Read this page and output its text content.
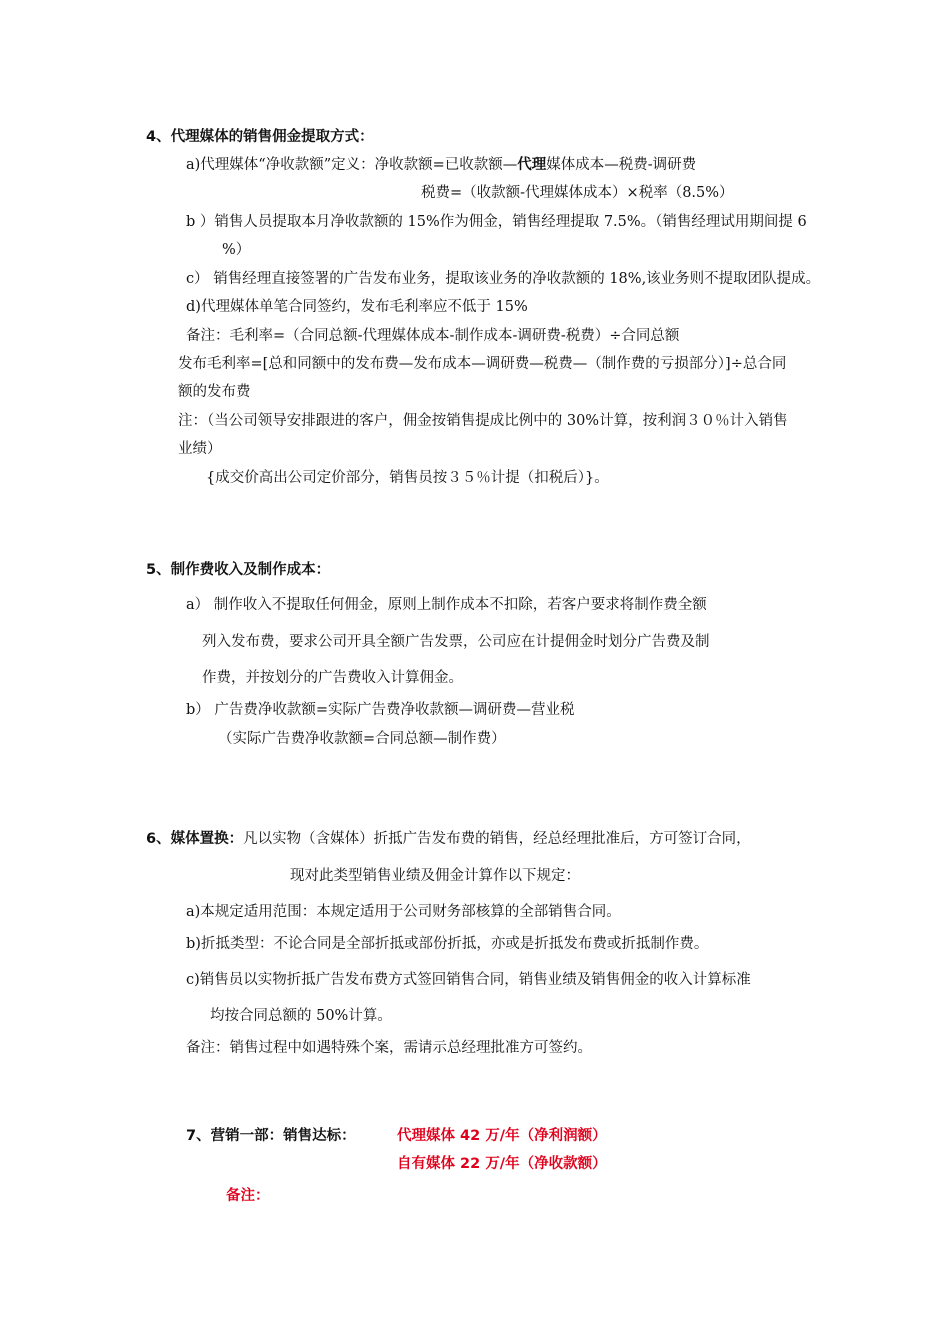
4、代理媒体的销售佣金提取方式：
a)代理媒体“净收款额”定义：净收款额=已收款额—代理媒体成本—税费-调研费
税费=（收款额-代理媒体成本）×税率（8.5%）
b ）销售人员提取本月净收款额的 15%作为佣金，销售经理提取 7.5%。（销售经理试用期间提 6
%）
c） 销售经理直接签署的广告发布业务，提取该业务的净收款额的 18%,该业务则不提取团队提成。
d)代理媒体单笔合同签约，发布毛利率应不低于 15%
备注：毛利率=（合同总额-代理媒体成本-制作成本-调研费-税费）÷合同总额
发布毛利率=[总和同额中的发布费—发布成本—调研费—税费—（制作费的亏损部分）]÷总合同
额的发布费
注：（当公司领导安排跟进的客户，佣金按销售提成比例中的 30%计算，按利润３０％计入销售
业绩）
{成交价高出公司定价部分，销售员按３５％计提（扣税后）}。
5、制作费收入及制作成本：
a） 制作收入不提取任何佣金，原则上制作成本不扣除，若客户要求将制作费全额
列入发布费，要求公司开具全额广告发票，公司应在计提佣金时划分广告费及制
作费，并按划分的广告费收入计算佣金。
b） 广告费净收款额=实际广告费净收款额—调研费—营业税
（实际广告费净收款额=合同总额—制作费）
6、媒体置换：凡以实物（含媒体）折抵广告发布费的销售，经总经理批准后，方可签订合同，
现对此类型销售业绩及佣金计算作以下规定：
a)本规定适用范围：本规定适用于公司财务部核算的全部销售合同。
b)折抵类型：不论合同是全部折抵或部份折抵，亦或是折抵发布费或折抵制作费。
c)销售员以实物折抵广告发布费方式签回销售合同，销售业绩及销售佣金的收入计算标准
均按合同总额的 50%计算。
备注：销售过程中如遇特殊个案，需请示总经理批准方可签约。
7、营销一部：销售达标：	代理媒体 42 万/年（净利润额）
自有媒体 22 万/年（净收款额）
备注：
